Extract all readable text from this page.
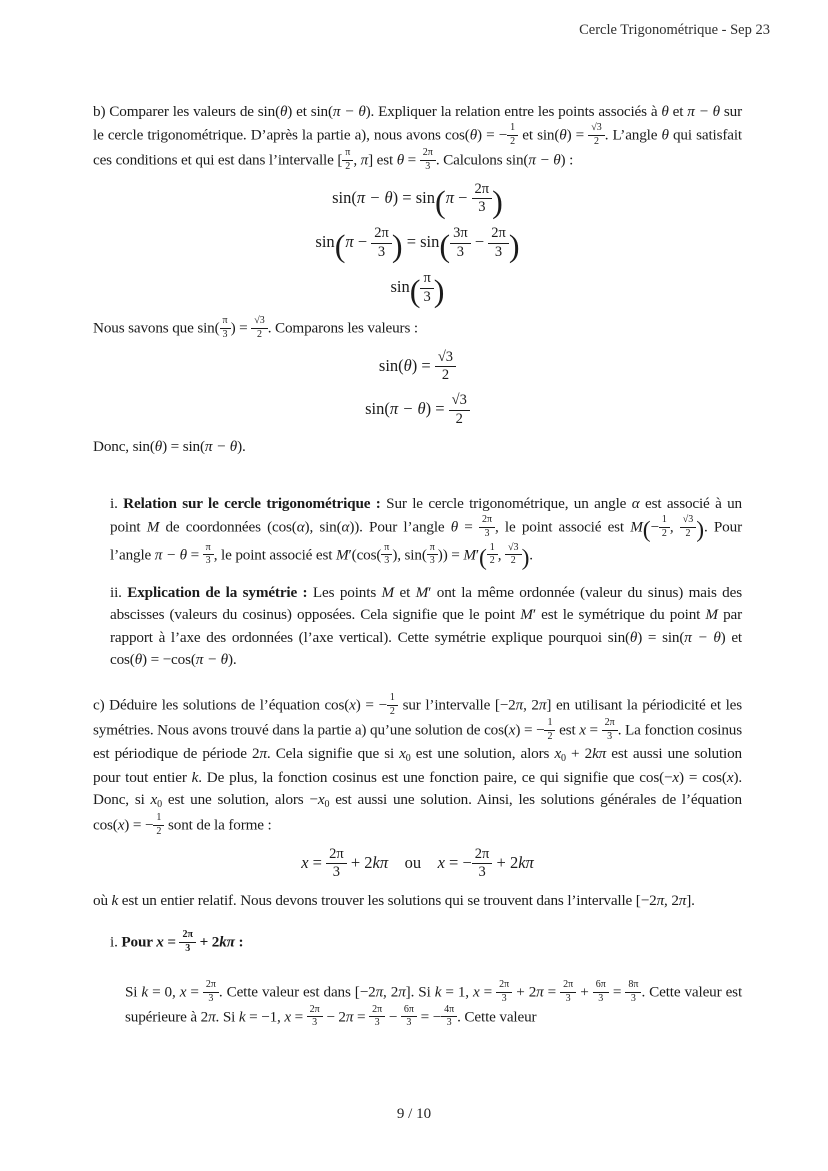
Cercle Trigonométrique - Sep 23
b) Comparer les valeurs de sin(θ) et sin(π − θ). Expliquer la relation entre les points associés à θ et π − θ sur le cercle trigonométrique. D’après la partie a), nous avons cos(θ) = − $\frac{1}{2}$ et $\sin(\theta) = \frac{√3}{2}$ . L’angle θ qui satisfait ces conditions et qui est dans l’intervalle [ $\frac{\pi}{2}$ , π] est $\theta = \frac{2\pi}{3}$ . Calculons sin(π − θ) :
$\sin(\pi - \theta) = \sin(\pi - \frac{2\pi}{3}$ )
$\sin(\pi - \frac{2\pi}{3}$ ) = $\sin( \frac{3\pi}{3} - \frac{2\pi}{3}$ )
$\sin( \frac{\pi}{3}$ )
Nous savons que $\sin( \frac{\pi}{3}$ ) = $\frac{√3}{2}$ . Comparons les valeurs :
$\sin(\theta) = \frac{√3}{2}$
$\sin(\pi - \theta) = \frac{√3}{2}$
Donc, sin(θ) = sin(π − θ).
i. Relation sur le cercle trigonométrique : Sur le cercle trigonométrique, un angle α est associé à un point M de coordonnées (cos(α), sin(α)). Pour l’angle $\theta = \frac{2\pi}{3}$ , le point associé est $M(- \frac{1}{2}$ , $\frac{√3}{2}$ ). Pour l’angle $\pi - \theta = \frac{\pi}{3}$ , le point associé est $M'(\cos( \frac{\pi}{3}$ ), $\sin( \frac{\pi}{3}$ )) = $M'( \frac{1}{2}$ , $\frac{√3}{2}$ ).
ii. Explication de la symétrie : Les points M et M′ ont la même ordonnée (valeur du sinus) mais des abscisses (valeurs du cosinus) opposées. Cela signifie que le point M′ est le symétrique du point M par rapport à l’axe des ordonnées (l’axe vertical). Cette symétrie explique pourquoi sin(θ) = sin(π − θ) et cos(θ) = −cos(π − θ).
c) Déduire les solutions de l’équation cos(x) = − $\frac{1}{2}$ sur l’intervalle [−2π, 2π] en utilisant la périodicité et les symétries. Nous avons trouvé dans la partie a) qu’une solution de cos(x) = − $\frac{1}{2}$ est $x = \frac{2\pi}{3}$ . La fonction cosinus est périodique de période 2π. Cela signifie que si $x_0$ est une solution, alors $x_0 + 2k\pi$ est aussi une solution pour tout entier k. De plus, la fonction cosinus est une fonction paire, ce qui signifie que cos(−x) = cos(x). Donc, si $x_0$ est une solution, alors $-x_0$ est aussi une solution. Ainsi, les solutions générales de l’équation cos(x) = − $\frac{1}{2}$ sont de la forme :
$x = \frac{2\pi}{3} + 2k\pi$ ou x = − $\frac{2\pi}{3} + 2k\pi$
où k est un entier relatif. Nous devons trouver les solutions qui se trouvent dans l’intervalle [−2π, 2π].
i. Pour $x = \frac{2\pi}{3} + 2k\pi$ :
Si k = 0, $x = \frac{2\pi}{3}$ . Cette valeur est dans [−2π, 2π]. Si k = 1, $x = \frac{2\pi}{3} + 2\pi = \frac{2\pi}{3} + \frac{6\pi}{3} = \frac{8\pi}{3}$ . Cette valeur est supérieure à 2π. Si k = −1, $x = \frac{2\pi}{3} - 2\pi = \frac{2\pi}{3} - \frac{6\pi}{3}$ = − $\frac{4\pi}{3}$ . Cette valeur
9 / 10
